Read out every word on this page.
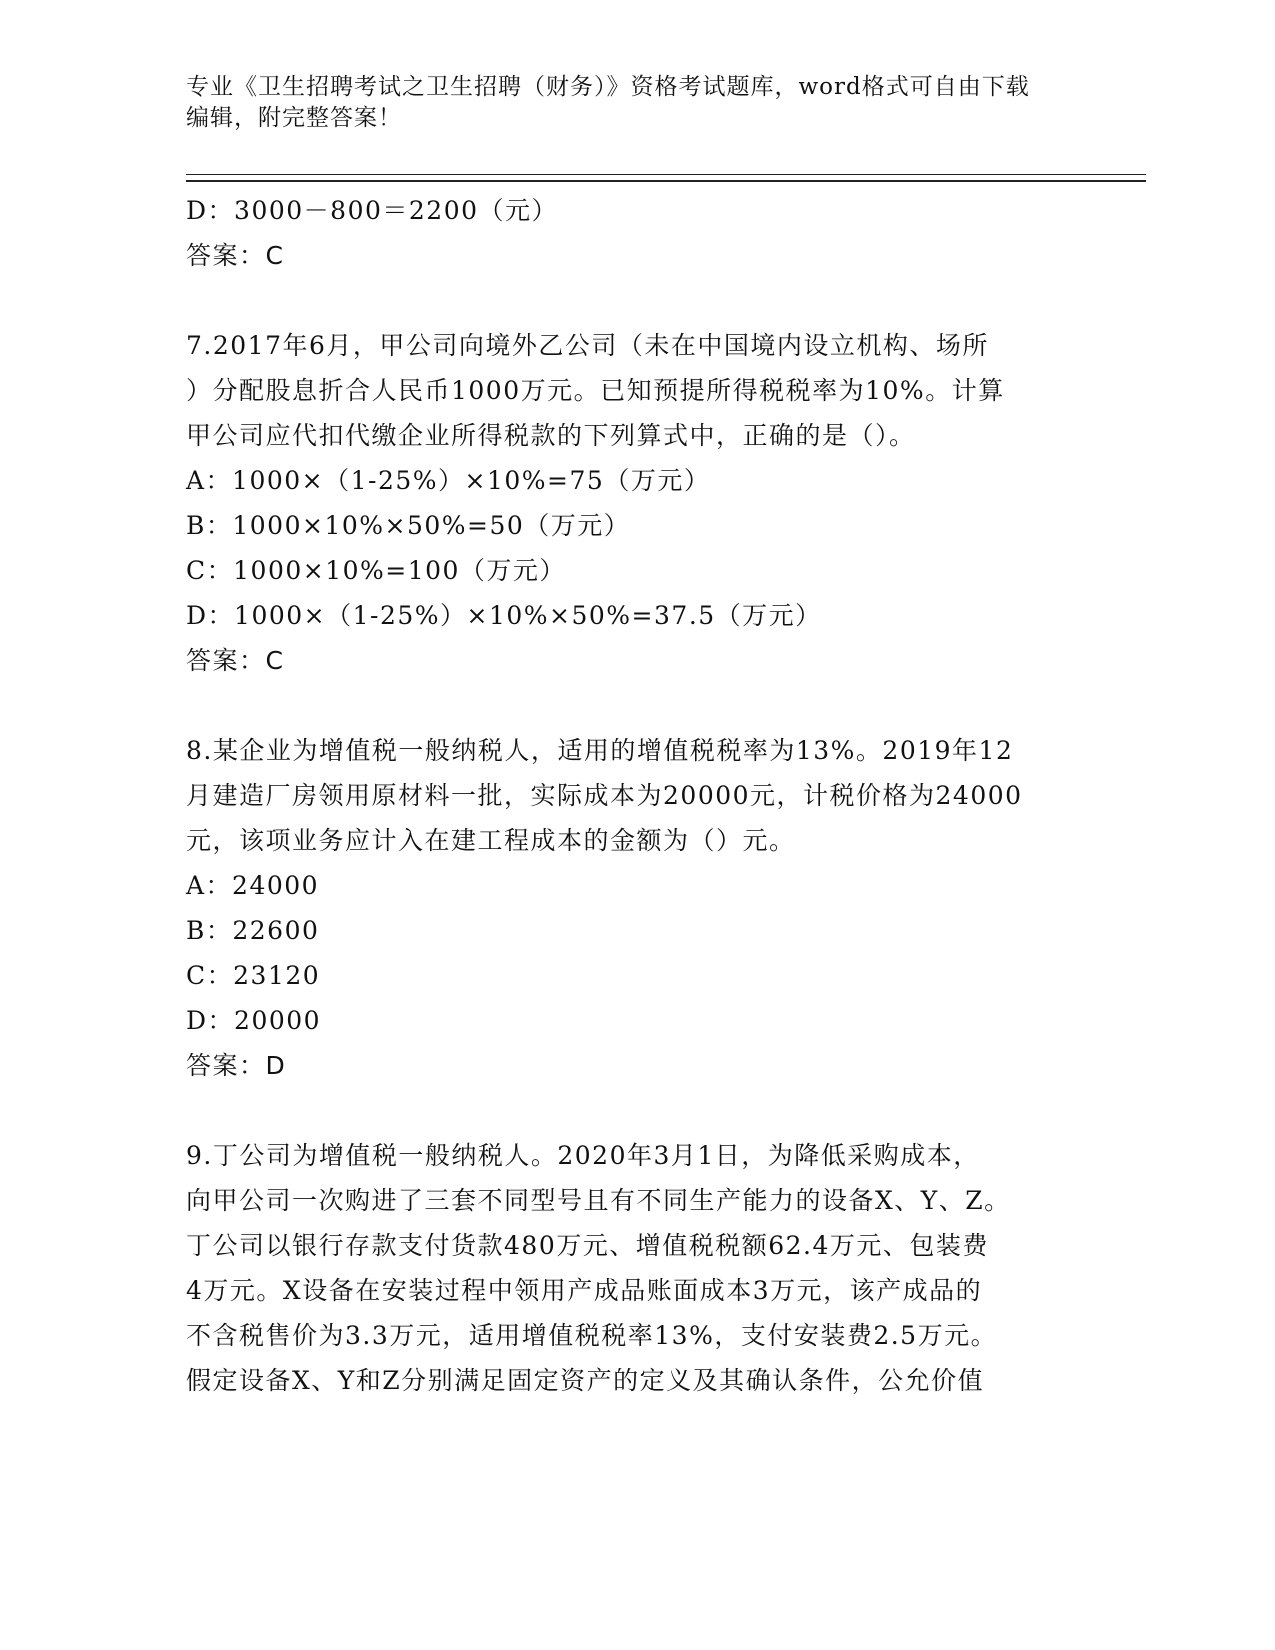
专业《卫生招聘考试之卫生招聘（财务）》资格考试题库，word格式可自由下载
编辑，附完整答案！
D：3000－800＝2200（元）
答案：C
7.2017年6月，甲公司向境外乙公司（未在中国境内设立机构、场所
）分配股息折合人民币1000万元。已知预提所得税税率为10%。计算
甲公司应代扣代缴企业所得税款的下列算式中，正确的是（）。
A：1000×（1-25%）×10%=75（万元）
B：1000×10%×50%=50（万元）
C：1000×10%=100（万元）
D：1000×（1-25%）×10%×50%=37.5（万元）
答案：C
8.某企业为增值税一般纳税人，适用的增值税税率为13%。2019年12
月建造厂房领用原材料一批，实际成本为20000元，计税价格为24000
元，该项业务应计入在建工程成本的金额为（）元。
A：24000
B：22600
C：23120
D：20000
答案：D
9.丁公司为增值税一般纳税人。2020年3月1日，为降低采购成本，
向甲公司一次购进了三套不同型号且有不同生产能力的设备X、Y、Z。
丁公司以银行存款支付货款480万元、增值税税额62.4万元、包装费
4万元。X设备在安装过程中领用产成品账面成本3万元，该产成品的
不含税售价为3.3万元，适用增值税税率13%，支付安装费2.5万元。
假定设备X、Y和Z分别满足固定资产的定义及其确认条件，公允价值
